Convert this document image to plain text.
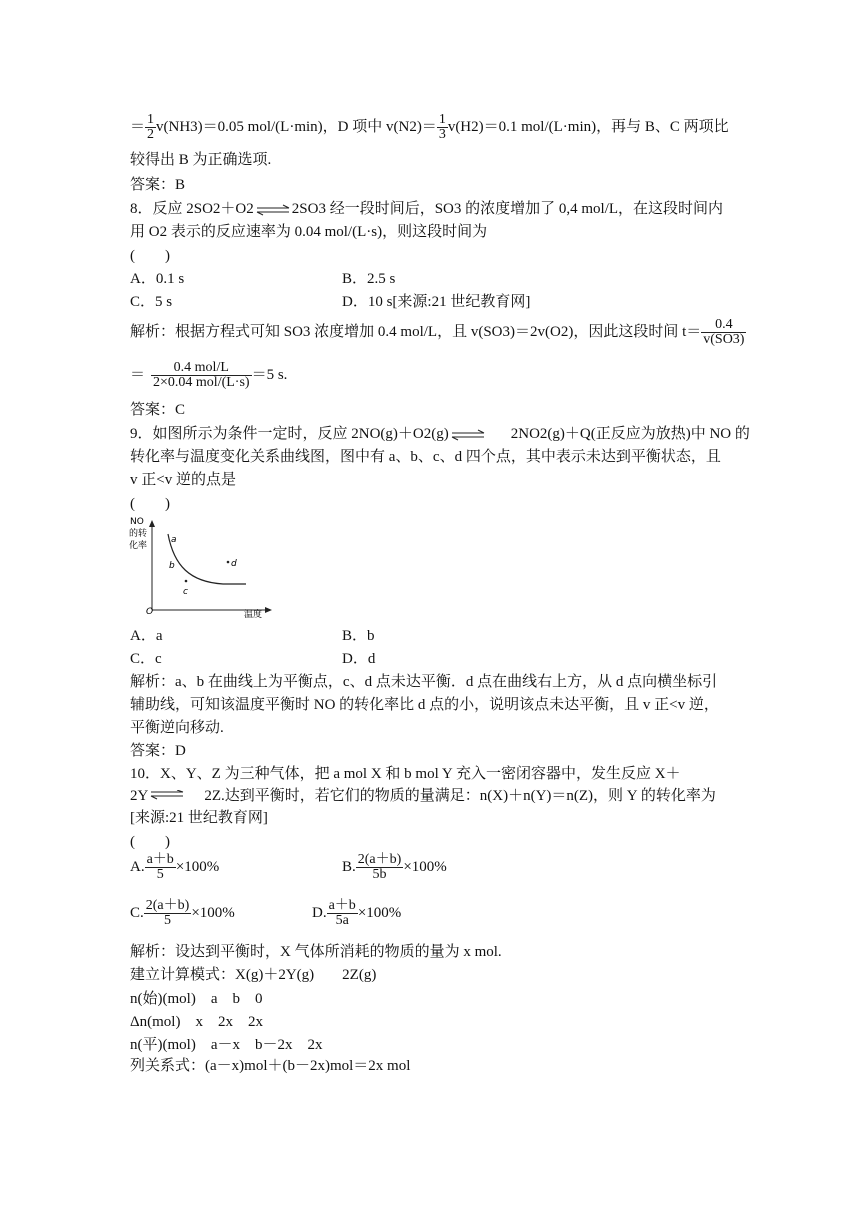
＝ $\frac{1}{2} v(NH3)=0.05$ mol/(L·min)，D 项中 $v(N2)= \frac{1}{3} v(H2)=0.1$ mol/(L·min)，再与 B、C 两项比
较得出 B 为正确选项.
答案：B
8．反应 2SO2＋O2⇌2SO3 经一段时间后，SO3 的浓度增加了 0,4 mol/L，在这段时间内
用 O2 表示的反应速率为 0.04 mol/(L·s)，则这段时间为
(　　)
A．0.1 s	B．2.5 s
C．5 s	D．10 s[来源:21 世纪教育网]
解析：根据方程式可知 SO3 浓度增加 0.4 mol/L，且 v(SO3)＝2v(O2)，因此这段时间 $t= \frac{0.4}{v(SO3)}$
＝ $\frac{\text{0.4 mol/L}}{\text{2×0.04 mol/(L·s)}} =5$ s.
答案：C
9．如图所示为条件一定时，反应 2NO(g)＋O2(g)	2NO2(g)＋Q(正反应为放热)中 NO 的
转化率与温度变化关系曲线图，图中有 a、b、c、d 四个点，其中表示未达到平衡状态，且
v 正<v 逆的点是
(　　)
NO
的转
化率
温度
O
a
b	d
c
A．a	B．b
C．c	D．d
解析：a、b 在曲线上为平衡点，c、d 点未达平衡．d 点在曲线右上方，从 d 点向横坐标引
辅助线，可知该温度平衡时 NO 的转化率比 d 点的小，说明该点未达平衡，且 v 正<v 逆，
平衡逆向移动.
答案：D
10．X、Y、Z 为三种气体，把 a mol X 和 b mol Y 充入一密闭容器中，发生反应 X＋
2Y	2Z.达到平衡时，若它们的物质的量满足：n(X)＋n(Y)＝n(Z)，则 Y 的转化率为
[来源:21 世纪教育网]
(　　)
A. $\frac{a+b}{5} \times 100\%$	B. $\frac{2(a+b)}{5b} \times 100\%$
C. $\frac{2(a+b)}{5} \times 100\%$	D. $\frac{a+b}{5a} \times 100\%$
解析：设达到平衡时，X 气体所消耗的物质的量为 x mol.
建立计算模式：X(g)＋2Y(g) 2Z(g)
n(始)(mol)　a　b　0
Δn(mol)　x　2x　2x
n(平)(mol)　a－x　b－2x　2x
列关系式：(a－x)mol＋(b－2x)mol＝2x mol
